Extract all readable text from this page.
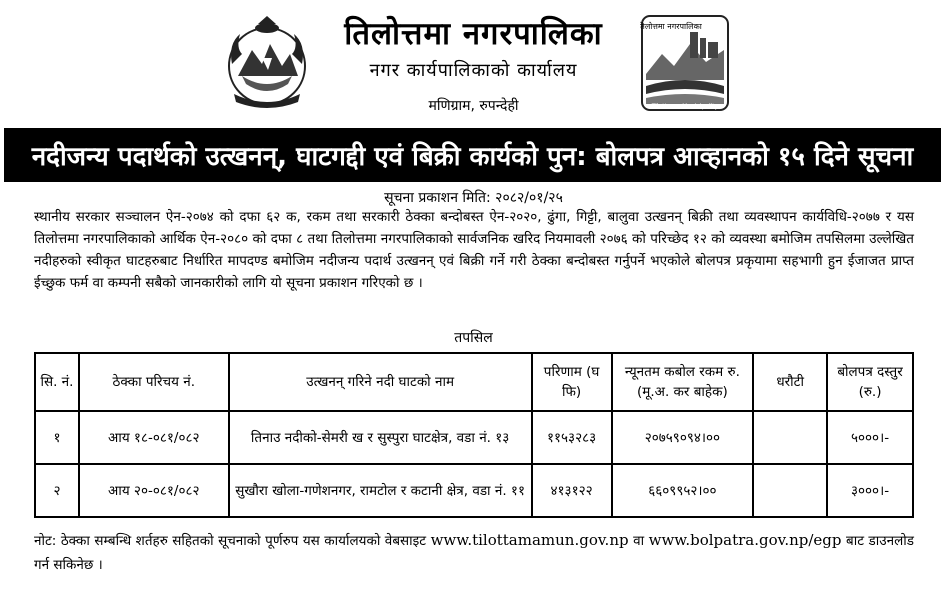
तिलोत्तमा नगरपालिका
नगर कार्यपालिकाको कार्यालय
मणिग्राम, रुपन्देही
तिलोत्तमा नगरपालिका
Tilottama Municipality
नदीजन्य पदार्थको उत्खनन्, घाटगद्दी एवं बिक्री कार्यको पुन: बोलपत्र आव्हानको १५ दिने सूचना
सूचना प्रकाशन मिति: २०८२/०१/२५
स्थानीय सरकार सञ्चालन ऐन-२०७४ को दफा ६२ क, रकम तथा सरकारी ठेक्का बन्दोबस्त ऐन-२०२०, ढुंगा, गिट्टी, बालुवा उत्खनन् बिक्री तथा व्यवस्थापन कार्यविधि-२०७७ र यस तिलोत्तमा नगरपालिकाको आर्थिक ऐन-२०८० को दफा ८ तथा तिलोत्तमा नगरपालिकाको सार्वजनिक खरिद नियमावली २०७६ को परिच्छेद १२ को व्यवस्था बमोजिम तपसिलमा उल्लेखित नदीहरुको स्वीकृत घाटहरुबाट निर्धारित मापदण्ड बमोजिम नदीजन्य पदार्थ उत्खनन् एवं बिक्री गर्ने गरी ठेक्का बन्दोबस्त गर्नुपर्ने भएकोले बोलपत्र प्रकृयामा सहभागी हुन ईजाजत प्राप्त ईच्छुक फर्म वा कम्पनी सबैको जानकारीको लागि यो सूचना प्रकाशन गरिएको छ ।
तपसिल
सि. नं.	ठेक्का परिचय नं.	उत्खनन् गरिने नदी घाटको नाम	परिणाम (घ फि)	न्यूनतम कबोल रकम रु. (मू.अ. कर बाहेक)	धरौटी	बोलपत्र दस्तुर (रु.)
१	आय १८-०८१/०८२	तिनाउ नदीको-सेमरी ख र सुस्पुरा घाटक्षेत्र, वडा नं. १३	११५३२८३	२०७५९०९४।००		५०००।-
२	आय २०-०८१/०८२	सुखौरा खोला-गणेशनगर, रामटोल र कटानी क्षेत्र, वडा नं. ११	४१३१२२	६६०९९५२।००		३०००।-
नोट: ठेक्का सम्बन्धि शर्तहरु सहितको सूचनाको पूर्णरुप यस कार्यालयको वेबसाइट www.tilottamamun.gov.np वा www.bolpatra.gov.np/egp बाट डाउनलोड गर्न सकिनेछ ।
